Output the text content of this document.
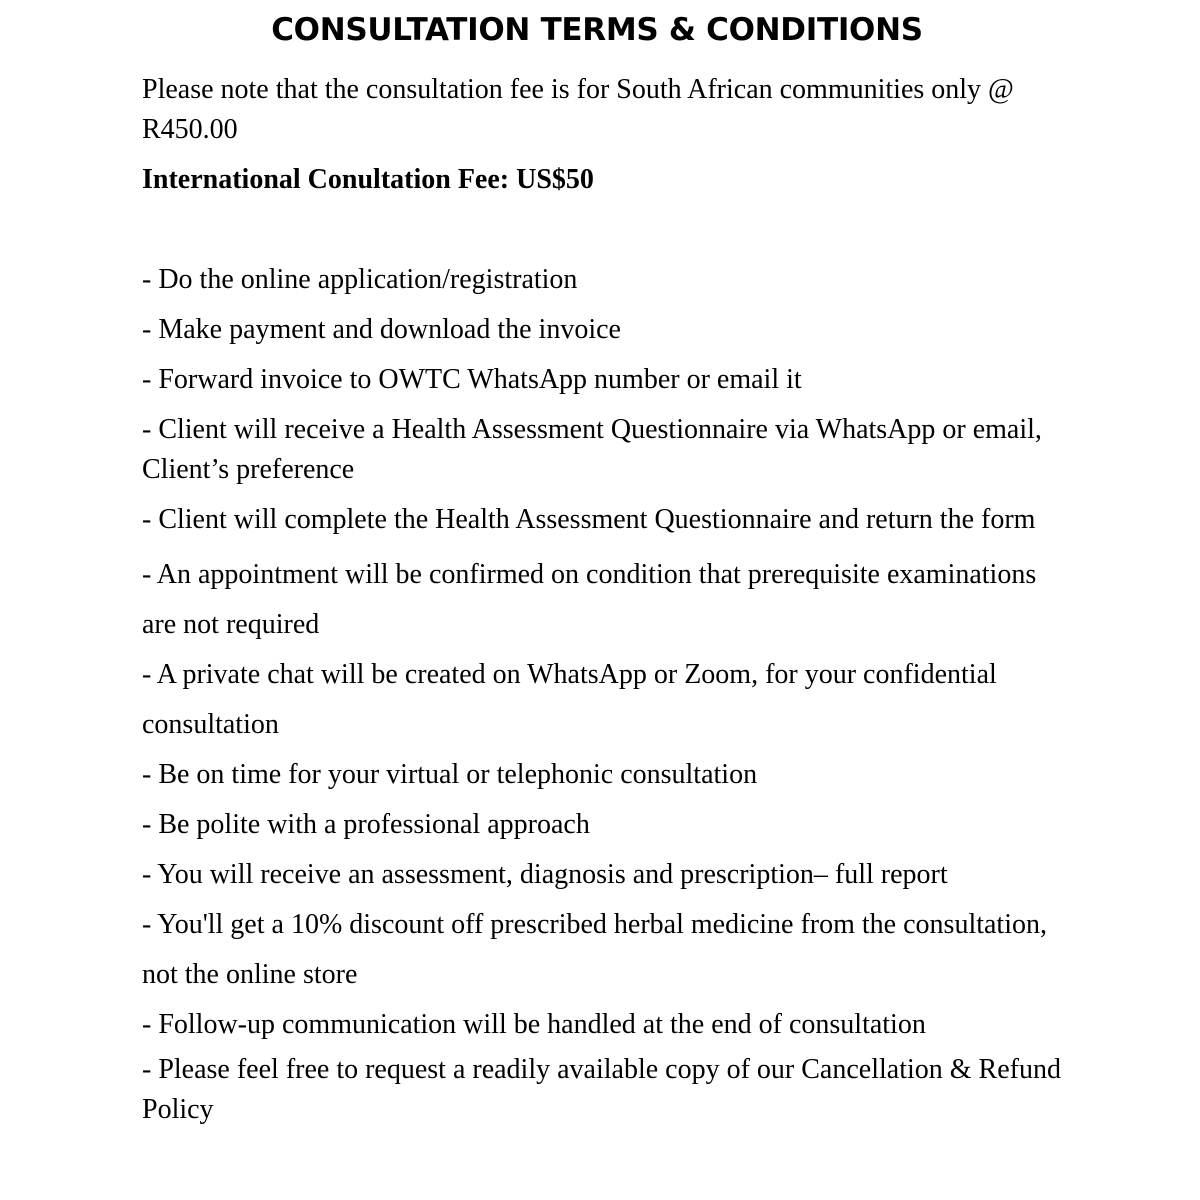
CONSULTATION TERMS & CONDITIONS

Please note that the consultation fee is for South African communities only @ R450.00

International Conultation Fee: US$50

- Do the online application/registration

- Make payment and download the invoice

- Forward invoice to OWTC WhatsApp number or email it

- Client will receive a Health Assessment Questionnaire via WhatsApp or email, Client’s preference

- Client will complete the Health Assessment Questionnaire and return the form

- An appointment will be confirmed on condition that prerequisite examinations are not required

- A private chat will be created on WhatsApp or Zoom, for your confidential consultation

- Be on time for your virtual or telephonic consultation

- Be polite with a professional approach

- You will receive an assessment, diagnosis and prescription– full report

- You'll get a 10% discount off prescribed herbal medicine from the consultation, not the online store

- Follow-up communication will be handled at the end of consultation

- Please feel free to request a readily available copy of our Cancellation & Refund Policy
